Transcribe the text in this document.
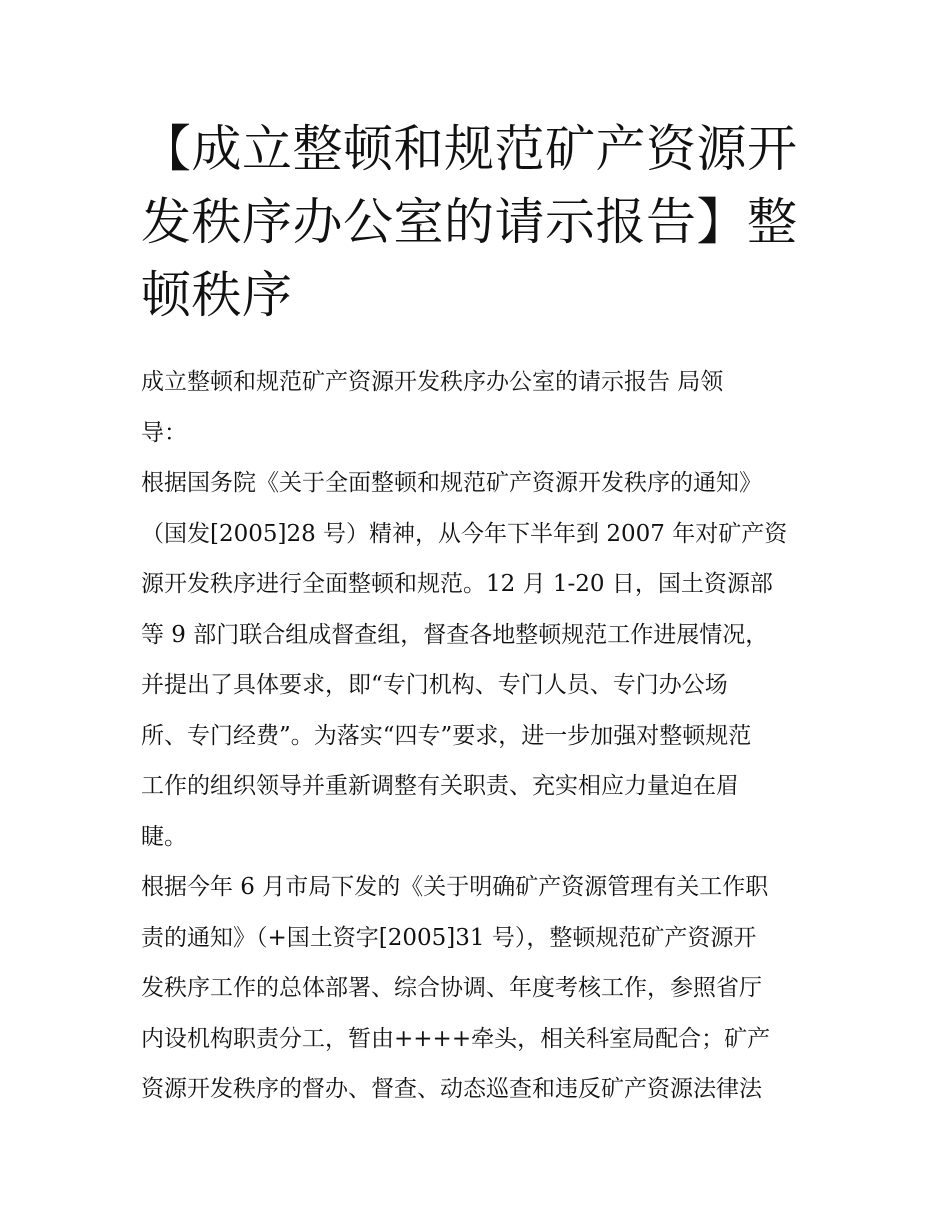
【成立整顿和规范矿产资源开
发秩序办公室的请示报告】整
顿秩序
成立整顿和规范矿产资源开发秩序办公室的请示报告 局领
导：
根据国务院《关于全面整顿和规范矿产资源开发秩序的通知》
（国发[2005]28 号）精神，从今年下半年到 2007 年对矿产资
源开发秩序进行全面整顿和规范。12 月 1-20 日，国土资源部
等 9 部门联合组成督查组，督查各地整顿规范工作进展情况，
并提出了具体要求，即“专门机构、专门人员、专门办公场
所、专门经费”。为落实“四专”要求，进一步加强对整顿规范
工作的组织领导并重新调整有关职责、充实相应力量迫在眉
睫。
根据今年 6 月市局下发的《关于明确矿产资源管理有关工作职
责的通知》（+国土资字[2005]31 号），整顿规范矿产资源开
发秩序工作的总体部署、综合协调、年度考核工作，参照省厅
内设机构职责分工，暂由++++牵头，相关科室局配合；矿产
资源开发秩序的督办、督查、动态巡查和违反矿产资源法律法
